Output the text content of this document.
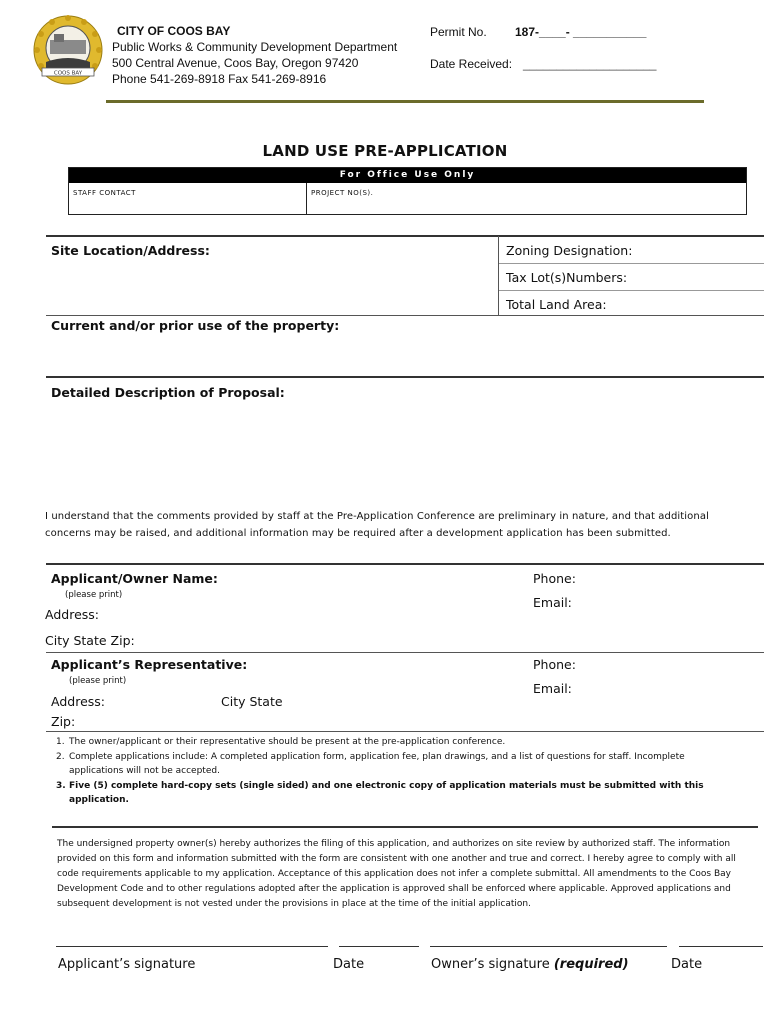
COOS BAY
CITY OF COOS BAY
Public Works & Community Development Department
500 Central Avenue, Coos Bay, Oregon 97420
Phone 541-269-8918 Fax 541-269-8916
Permit No. 187-____- ___________
Date Received: ____________________
LAND USE PRE-APPLICATION
For Office Use Only
STAFF CONTACT	PROJECT NO(S).
Site Location/Address:	Zoning Designation:
Tax Lot(s)Numbers:
Total Land Area:
Current and/or prior use of the property:
Detailed Description of Proposal:
I understand that the comments provided by staff at the Pre-Application Conference are preliminary in nature, and that additional concerns may be raised, and additional information may be required after a development application has been submitted.
Applicant/Owner Name:
(please print)
Address:
City State Zip:
Phone:
Email:
Applicant’s Representative:
(please print)
Address:	City State
Zip:
Phone:
Email:
1. The owner/applicant or their representative should be present at the pre-application conference.
2. Complete applications include: A completed application form, application fee, plan drawings, and a list of questions for staff. Incomplete applications will not be accepted.
3. Five (5) complete hard-copy sets (single sided) and one electronic copy of application materials must be submitted with this application.
The undersigned property owner(s) hereby authorizes the filing of this application, and authorizes on site review by authorized staff. The information provided on this form and information submitted with the form are consistent with one another and true and correct. I hereby agree to comply with all code requirements applicable to my application. Acceptance of this application does not infer a complete submittal. All amendments to the Coos Bay Development Code and to other regulations adopted after the application is approved shall be enforced where applicable. Approved applications and subsequent development is not vested under the provisions in place at the time of the initial application.
Applicant’s signature	Date	Owner’s signature (required)	Date
